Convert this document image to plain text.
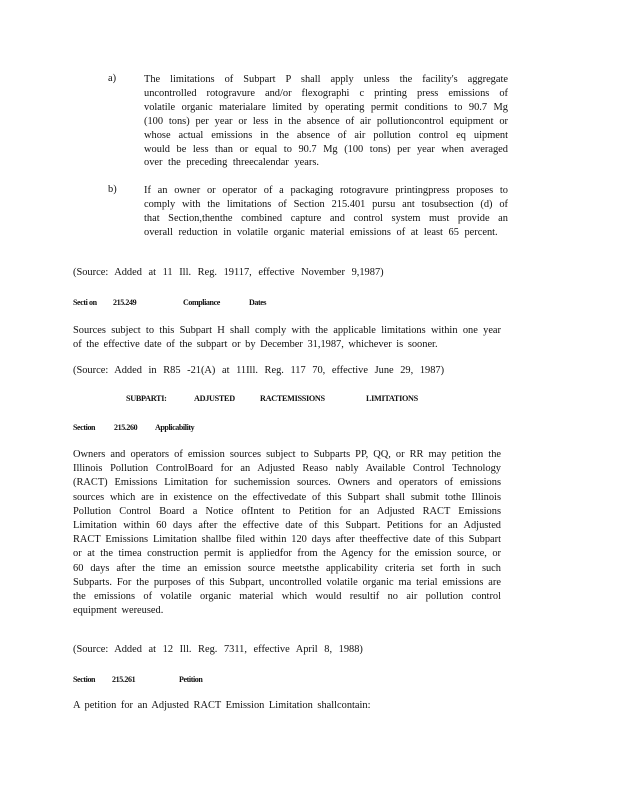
a)	The limitations of Subpart P shall apply unless the facility's aggregate uncontrolled rotogravure and/or flexographi c printing press emissions of volatile organic materialare limited by operating permit conditions to 90.7 Mg (100 tons) per year or less in the absence of air pollutioncontrol equipment or whose actual emissions in the absence of air pollution control eq uipment would be less than or equal to 90.7 Mg (100 tons) per year when averaged over the preceding threecalendar years.
b)	If an owner or operator of a packaging rotogravure printingpress proposes to comply with the limitations of Section 215.401 pursu ant tosubsection (d) of that Section,thenthe combined capture and control system must provide an overall reduction in volatile organic material emissions of at least 65 percent.
(Source: Added at 11 Ill. Reg. 19117, effective November 9,1987)
Secti on 215.249	Compliance	Dates
Sources subject to this Subpart H shall comply with the applicable limitations within one year of the effective date of the subpart or by December 31,1987, whichever is sooner.
(Source: Added in R85 -21(A) at 11Ill. Reg. 117 70, effective June 29, 1987)
SUBPARTI:	ADJUSTED	RACTEMISSIONS	LIMITATIONS
Section 215.260 Applicability
Owners and operators of emission sources subject to Subparts PP, QQ, or RR may petition the Illinois Pollution ControlBoard for an Adjusted Reaso nably Available Control Technology (RACT) Emissions Limitation for suchemission sources. Owners and operators of emissions sources which are in existence on the effectivedate of this Subpart shall submit tothe Illinois Pollution Control Board a Notice ofIntent to Petition for an Adjusted RACT Emissions Limitation within 60 days after the effective date of this Subpart. Petitions for an Adjusted RACT Emissions Limitation shallbe filed within 120 days after theeffective date of this Subpart or at the timea construction permit is appliedfor from the Agency for the emission source, or 60 days after the time an emission source meetsthe applicability criteria set forth in such Subparts. For the purposes of this Subpart, uncontrolled volatile organic ma terial emissions are the emissions of volatile organic material which would resultif no air pollution control equipment wereused.
(Source: Added at 12 Ill. Reg. 7311, effective April 8, 1988)
Section 215.261	Petition
A petition for an Adjusted RACT Emission Limitation shallcontain:
